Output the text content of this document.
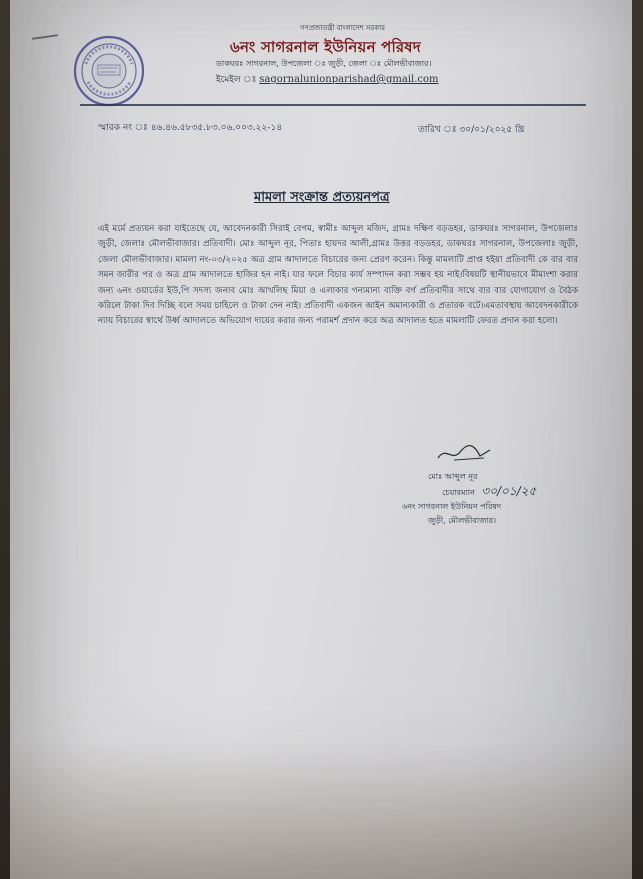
গণপ্রজাতন্ত্রী বাংলাদেশ সরকার
৬নং সাগরনাল ইউনিয়ন পরিষদ
ডাকঘরঃ সাগরনাল, উপজেলা ঃ জুড়ী, জেলা ঃ মৌলভীবাজার।
ইমেইল ঃ sagornalunionparishad@gmail.com
স্মারক নং ঃ ৪৬.৪৬.৫৮৩৫.৮৩.০৬.০০৩.২২-১৪	তারিখ ঃ ৩০/০১/২০২৫ খ্রি
মামলা সংক্রান্ত প্রত্যয়নপত্র
এই মর্মে প্রত্যয়ন করা যাইতেছে যে, আবেদনকারী সিরাই বেগম, স্বামীঃ আব্দুল মজিদ, গ্রামঃ দক্ষিণ বড়ডহর, ডাকঘরঃ সাগরনাল, উপজেলাঃ জুড়ী, জেলাঃ মৌলভীবাজার। প্রতিবাদী। মোঃ আব্দুল নূর, পিতাঃ হায়দর আলী,গ্রামঃ উত্তর বড়ডহর, ডাকঘরঃ সাগরনাল, উপজেলাঃ জুড়ী, জেলা মৌলভীবাজার। মামলা নং-০৩/২০২৫ অত্র গ্রাম আদালতে বিচারের জন্য প্রেরণ করেন। কিন্তু মামলাটি প্রাপ্ত হইয়া প্রতিবাদী কে বার বার সমন জারীর পর ও অত্র গ্রাম আদালতে হাজির হন নাই। যার ফলে বিচার কার্য সম্পাদন করা সম্ভব হয় নাই।বিষয়টি স্থানীয়ভাবে মীমাংশা করার জন্য ৬নং ওয়ার্ডের ইউ,পি সদস্য জনাব মোঃ আখলিছ মিয়া ও এলাকার গন্যমান্য ব্যক্তি বর্গ প্রতিবাদীর সাথে বার বার যোগাযোগ ও বৈঠক করিলে টাকা দিব দিচ্ছি বলে সময় চাহিলে ও টাকা দেন নাই। প্রতিবাদী একজন আইন অমান্যকারী ও প্রতারক বটে।এমতাবস্থায় আবেদনকারীকে ন্যায় বিচারের স্বার্থে উর্ধ্ব আদালতে অভিযোগ দায়ের করার জন্য পরামর্শ প্রদান করে অত্র আদালত হতে মামলাটি ফেরত প্রদান করা হলো।
মোঃ আব্দুল নূর
চেয়ারম্যান ৩০/০১/২৫
৬নং সাগরনাল ইউনিয়ন পরিষদ
জুড়ী, মৌলভীবাজার।
